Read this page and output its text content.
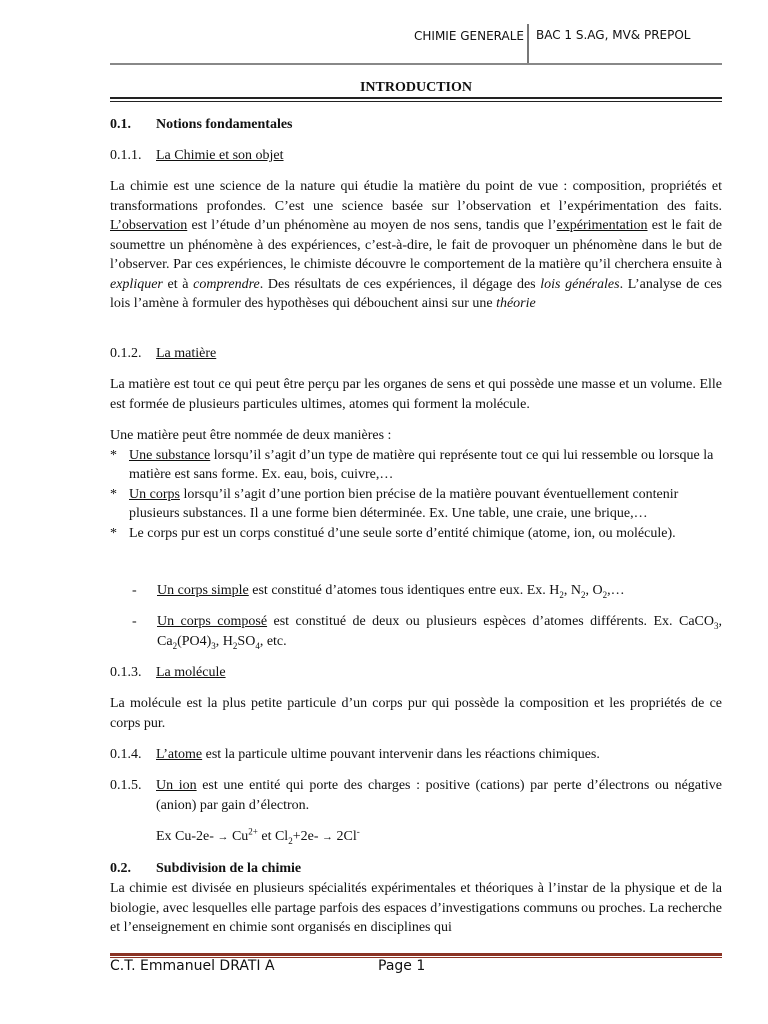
CHIMIE GENERALE BAC 1 S.AG, MV& PREPOL
INTRODUCTION
0.1. Notions fondamentales
0.1.1. La Chimie et son objet
La chimie est une science de la nature qui étudie la matière du point de vue : composition, propriétés et transformations profondes. C’est une science basée sur l’observation et l’expérimentation des faits. L’observation est l’étude d’un phénomène au moyen de nos sens, tandis que l’expérimentation est le fait de soumettre un phénomène à des expériences, c’est-à-dire, le fait de provoquer un phénomène dans le but de l’observer. Par ces expériences, le chimiste découvre le comportement de la matière qu’il cherchera ensuite à expliquer et à comprendre. Des résultats de ces expériences, il dégage des lois générales. L’analyse de ces lois l’amène à formuler des hypothèses qui débouchent ainsi sur une théorie
0.1.2. La matière
La matière est tout ce qui peut être perçu par les organes de sens et qui possède une masse et un volume. Elle est formée de plusieurs particules ultimes, atomes qui forment la molécule.
Une matière peut être nommée de deux manières :
* Une substance lorsqu’il s’agit d’un type de matière qui représente tout ce qui lui ressemble ou lorsque la matière est sans forme. Ex. eau, bois, cuivre,…
* Un corps lorsqu’il s’agit d’une portion bien précise de la matière pouvant éventuellement contenir plusieurs substances. Il a une forme bien déterminée. Ex. Une table, une craie, une brique,…
* Le corps pur est un corps constitué d’une seule sorte d’entité chimique (atome, ion, ou molécule).
- Un corps simple est constitué d’atomes tous identiques entre eux. Ex. $H_2$, $N_2$, $O_2,\dots$
- Un corps composé est constitué de deux ou plusieurs espèces d’atomes différents. Ex. CaCO$_3$, $Ca_2(PO4)_3$, $H_2SO_4$, etc.
0.1.3. La molécule
La molécule est la plus petite particule d’un corps pur qui possède la composition et les propriétés de ce corps pur.
0.1.4. L’atome est la particule ultime pouvant intervenir dans les réactions chimiques.
0.1.5. Un ion est une entité qui porte des charges : positive (cations) par perte d’électrons ou négative (anion) par gain d’électron.
Ex $Cu-2e- \to Cu^{2+}$ et $Cl_2+2e- \to 2Cl^-$
0.2. Subdivision de la chimie
La chimie est divisée en plusieurs spécialités expérimentales et théoriques à l’instar de la physique et de la biologie, avec lesquelles elle partage parfois des espaces d’investigations communs ou proches. La recherche et l’enseignement en chimie sont organisés en disciplines qui
C.T. Emmanuel DRATI A	Page 1
